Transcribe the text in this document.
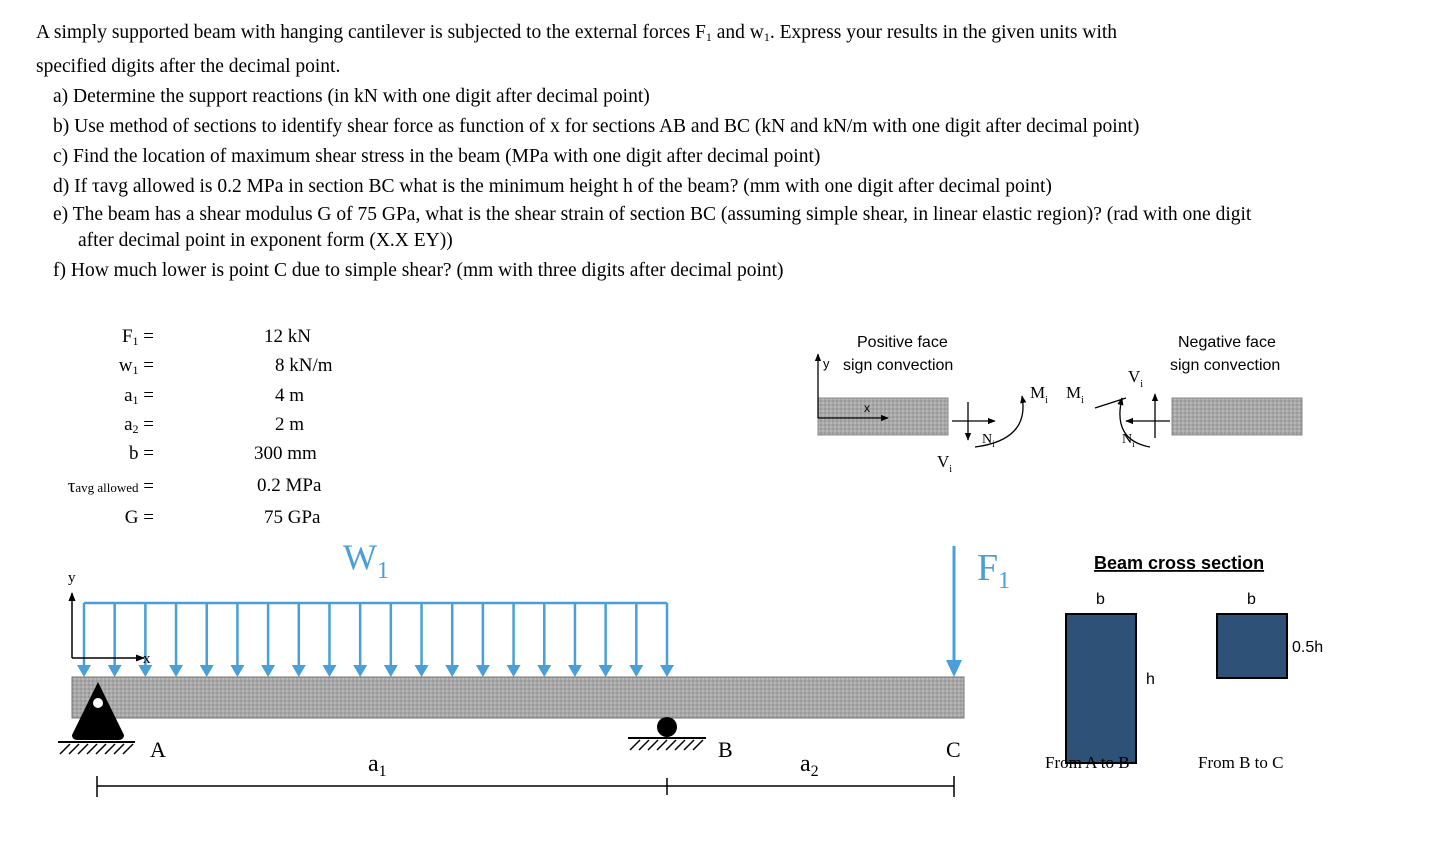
A simply supported beam with hanging cantilever is subjected to the external forces $F_1$ and $w_1$. Express your results in the given units with

specified digits after the decimal point.

a) Determine the support reactions (in kN with one digit after decimal point)

b) Use method of sections to identify shear force as function of x for sections AB and BC (kN and kN/m with one digit after decimal point)

c) Find the location of maximum shear stress in the beam (MPa with one digit after decimal point)

d) If τavg allowed is 0.2 MPa in section BC what is the minimum height h of the beam? (mm with one digit after decimal point)

e) The beam has a shear modulus G of 75 GPa, what is the shear strain of section BC (assuming simple shear, in linear elastic region)? (rad with one digit
after decimal point in exponent form (X.X EY))

f) How much lower is point C due to simple shear? (mm with three digits after decimal point)

$F_1$ =	12 kN
$w_1$ =	8 kN/m
$a_1$ =	4 m
$a_2$ =	2 m
b =	300 mm
τavg allowed =	0.2 MPa
G =	75 GPa
$W_1$	$F_1$
y
x
A	B	C
$a_1$	$a_2$
Positive face
sign convection
Negative face
sign convection
y
x
$V_i$
$N_i$
$M_i$ $M_i$
$V_i$
$N_i$
Beam cross section
b
h
From A to B
b
0.5h
From B to C
